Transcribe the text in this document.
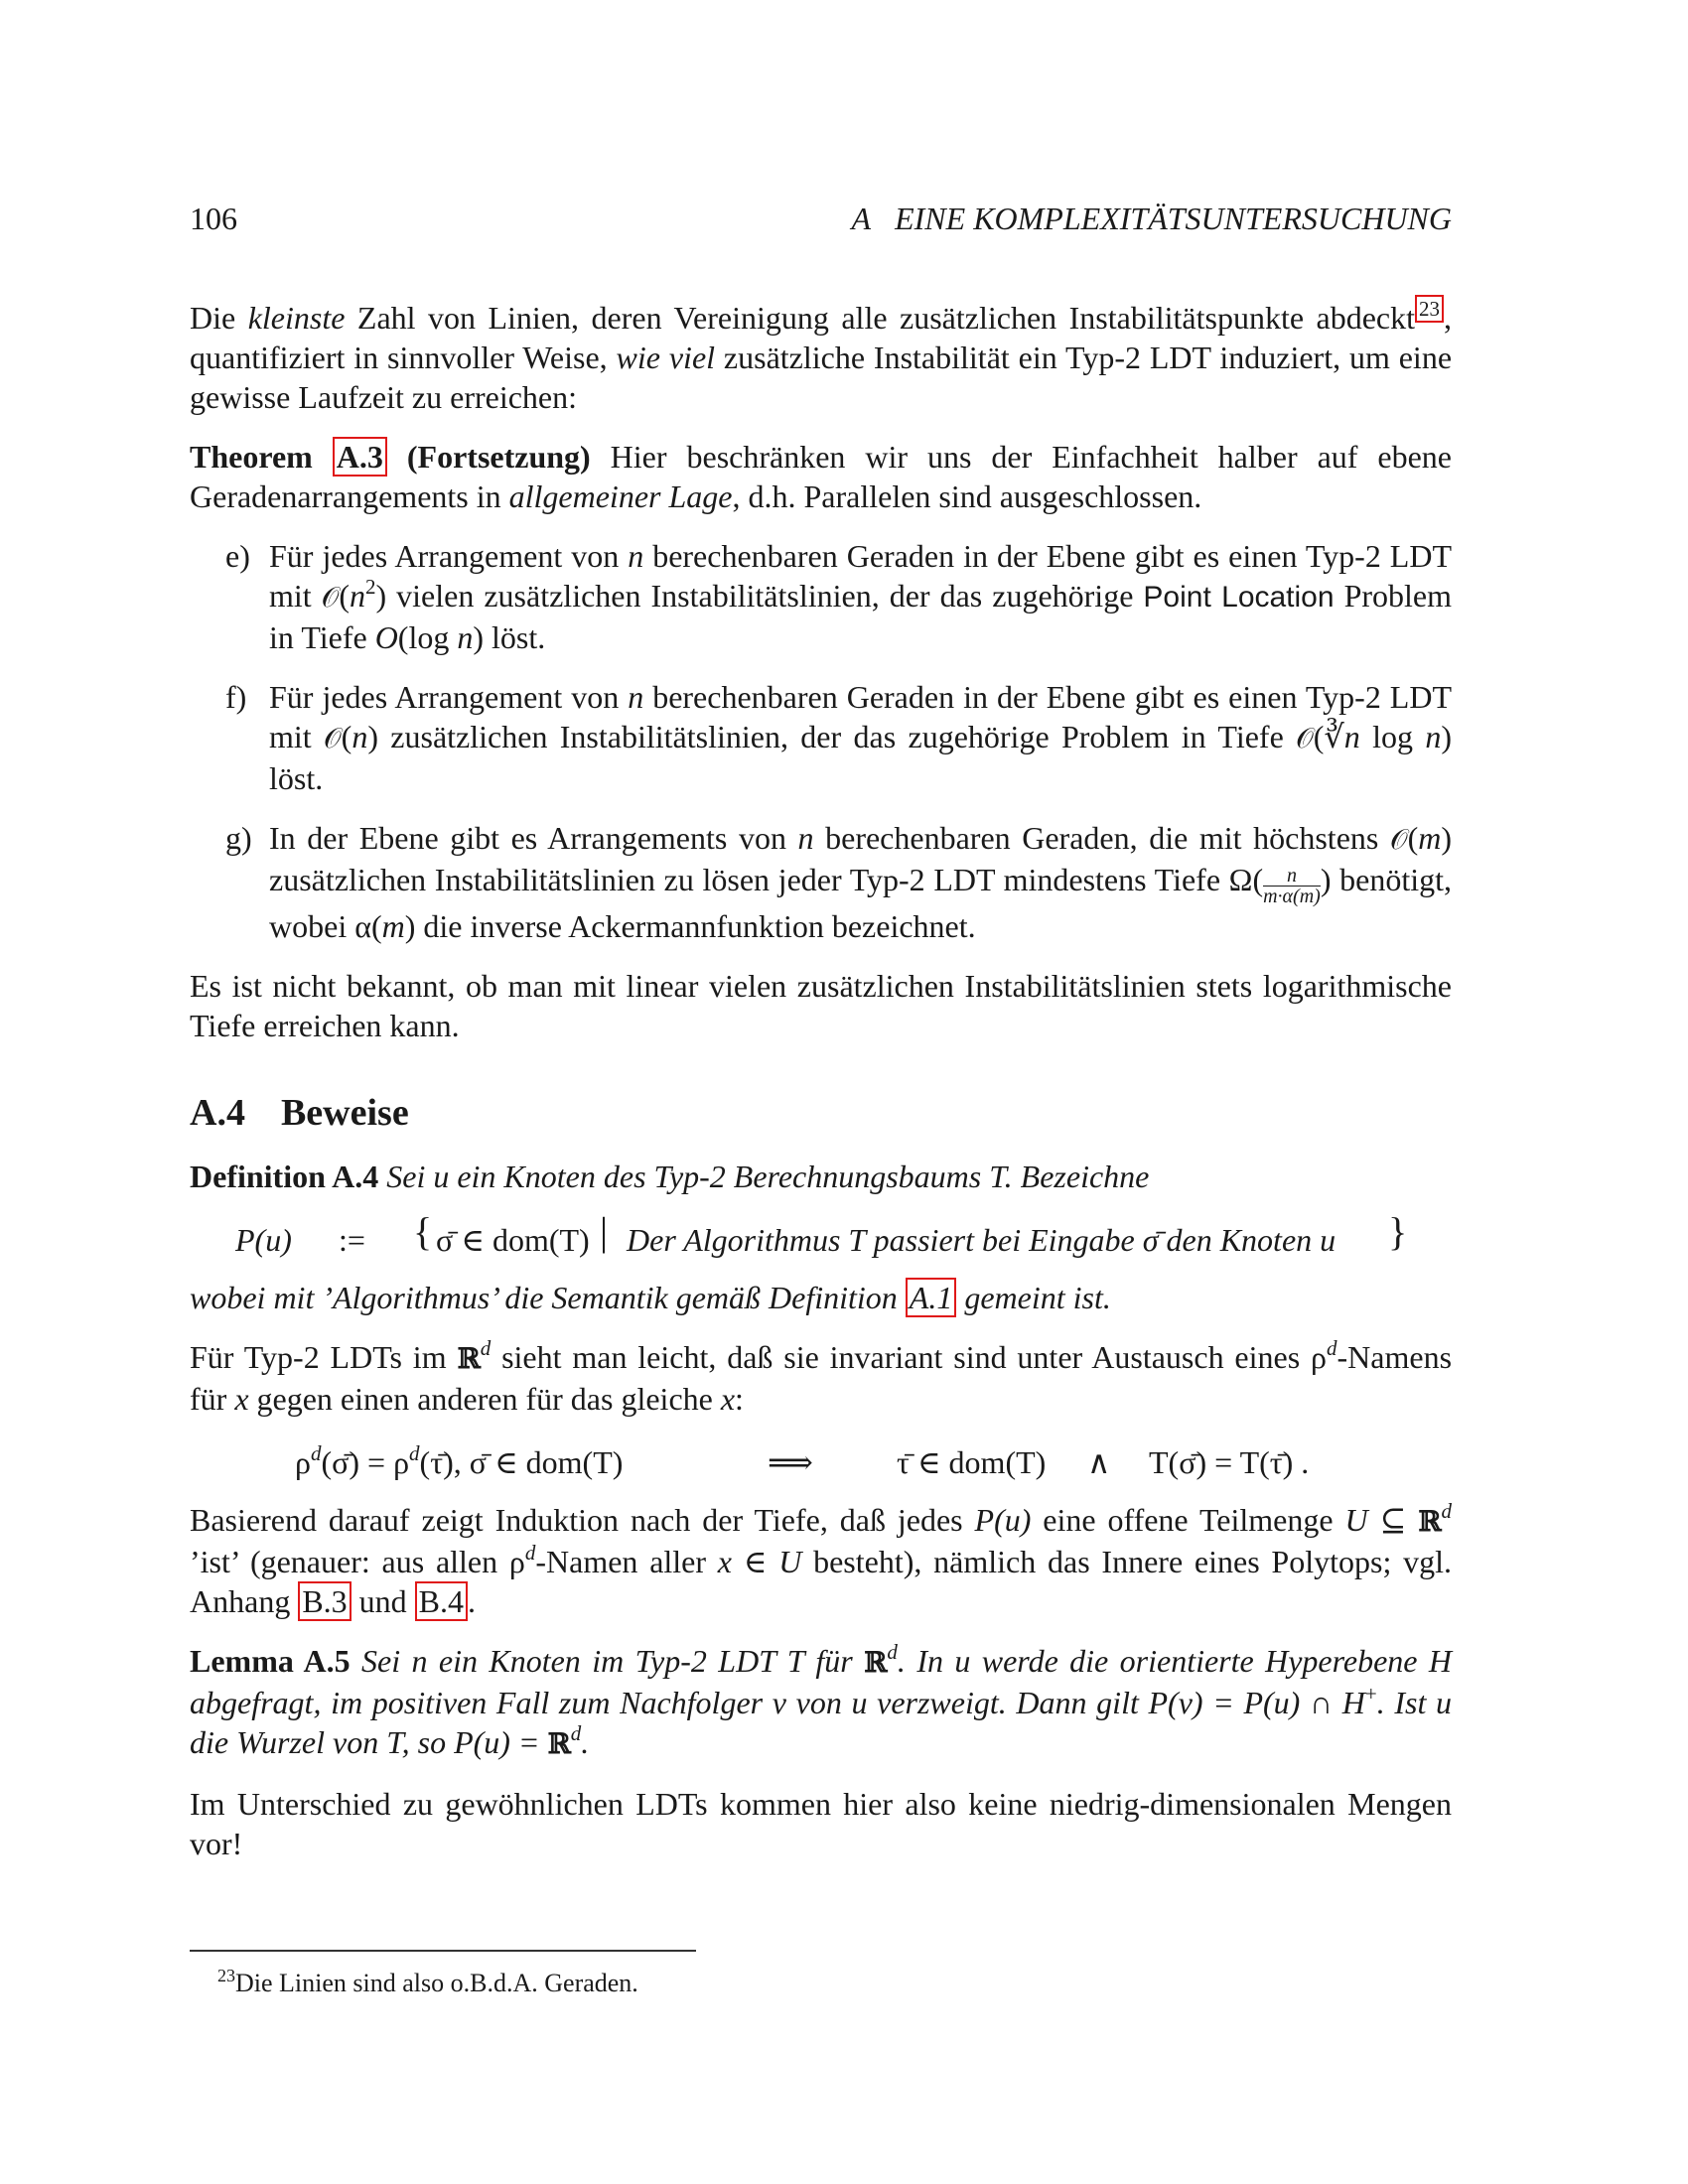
106	A EINE KOMPLEXITÄTSUNTERSUCHUNG

Die kleinste Zahl von Linien, deren Vereinigung alle zusätzlichen Instabilitätspunkte abdeckt $^{23}$ , quantifiziert in sinnvoller Weise, wie viel zusätzliche Instabilität ein Typ-2 LDT induziert, um eine gewisse Laufzeit zu erreichen:

Theorem A.3 (Fortsetzung) Hier beschränken wir uns der Einfachheit halber auf ebene Geradenarrangements in allgemeiner Lage, d.h. Parallelen sind ausgeschlossen.

e) Für jedes Arrangement von n berechenbaren Geraden in der Ebene gibt es einen Typ-2 LDT mit $𝒪(n^2)$ vielen zusätzlichen Instabilitätslinien, der das zugehörige Point Location Problem in Tiefe O(log n) löst.
f) Für jedes Arrangement von n berechenbaren Geraden in der Ebene gibt es einen Typ-2 LDT mit 𝒪(n) zusätzlichen Instabilitätslinien, der das zugehörige Problem in Tiefe 𝒪(∛n log n) löst.
g) In der Ebene gibt es Arrangements von n berechenbaren Geraden, die mit höchstens 𝒪(m) zusätzlichen Instabilitätslinien zu lösen jeder Typ-2 LDT mindestens Tiefe $\Omega( \frac{n}{m\cdot\alpha(m)}$ ) benötigt, wobei α(m) die inverse Ackermannfunktion bezeichnet.

Es ist nicht bekannt, ob man mit linear vielen zusätzlichen Instabilitätslinien stets logarithmische Tiefe erreichen kann.

A.4 Beweise

Definition A.4 Sei u ein Knoten des Typ-2 Berechnungsbaums T. Bezeichne

P(u) := { σ̄ ∈ dom(T) | Der Algorithmus T passiert bei Eingabe σ̄ den Knoten u }

wobei mit ’Algorithmus’ die Semantik gemäß Definition A.1 gemeint ist.

Für Typ-2 LDTs im ℝ$^d$ sieht man leicht, daß sie invariant sind unter Austausch eines $\rho^d$-Namens für x gegen einen anderen für das gleiche x:

$\rho^d(\sigmā)$ = $\rho^d(\taū)$, σ̄ ∈ dom(T)	⟹	τ̄ ∈ dom(T) ∧ T(σ̄) = T(τ̄) .

Basierend darauf zeigt Induktion nach der Tiefe, daß jedes P(u) eine offene Teilmenge U ⊆ ℝ$^d$ ’ist’ (genauer: aus allen $\rho^d$-Namen aller x ∈ U besteht), nämlich das Innere eines Polytops; vgl. Anhang B.3 und B.4 .

Lemma A.5 Sei n ein Knoten im Typ-2 LDT T für ℝ$^d$. In u werde die orientierte Hyperebene H abgefragt, im positiven Fall zum Nachfolger v von u verzweigt. Dann gilt P(v) = P(u) ∩ H+. Ist u die Wurzel von T, so P(u) = ℝ$^d$.

Im Unterschied zu gewöhnlichen LDTs kommen hier also keine niedrig-dimensionalen Mengen vor!

$^{23}$Die Linien sind also o.B.d.A. Geraden.
